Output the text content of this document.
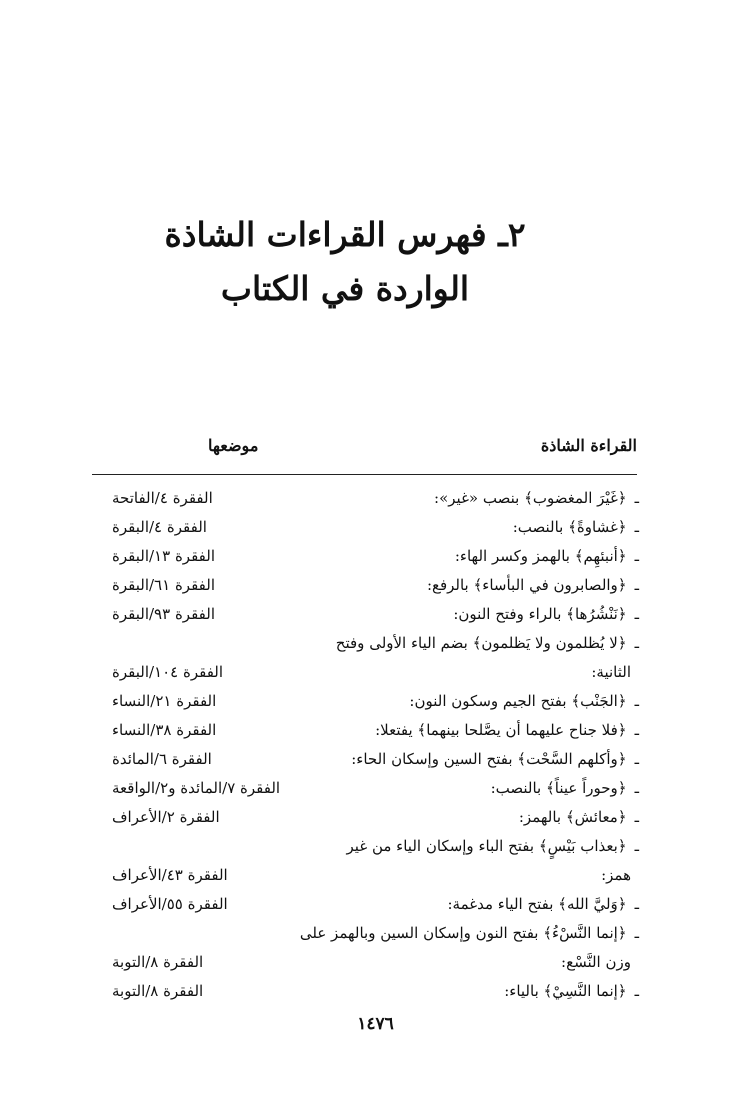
٢ـ فهرس القراءات الشاذة
الواردة في الكتاب
القراءة الشاذة
موضعها
ـ﴿غَيْرَ المغضوب﴾ بنصب «غير»:
الفقرة ٤/الفاتحة
ـ﴿غشاوةً﴾ بالنصب:
الفقرة ٤/البقرة
ـ﴿أنبئهِم﴾ بالهمز وكسر الهاء:
الفقرة ١٣/البقرة
ـ﴿والصابرون في البأساء﴾ بالرفع:
الفقرة ٦١/البقرة
ـ﴿نَنْشُرُها﴾ بالراء وفتح النون:
الفقرة ٩٣/البقرة
ـ﴿لا يُظلمون ولا يَظلمون﴾ بضم الياء الأولى وفتح
الثانية:
الفقرة ١٠٤/البقرة
ـ﴿الجَنْب﴾ بفتح الجيم وسكون النون:
الفقرة ٢١/النساء
ـ﴿فلا جناح عليهما أن يصَّلحا بينهما﴾ يفتعلا:
الفقرة ٣٨/النساء
ـ﴿وأكلهم السَّحْت﴾ بفتح السين وإسكان الحاء:
الفقرة ٦/المائدة
ـ﴿وحوراً عيناً﴾ بالنصب:
الفقرة ٧/المائدة و٢/الواقعة
ـ﴿معائش﴾ بالهمز:
الفقرة ٢/الأعراف
ـ﴿بعذاب بَيْسٍ﴾ بفتح الباء وإسكان الياء من غير
همز:
الفقرة ٤٣/الأعراف
ـ﴿وَليَّ الله﴾ بفتح الياء مدغمة:
الفقرة ٥٥/الأعراف
ـ﴿إنما النَّسْءُ﴾ بفتح النون وإسكان السين وبالهمز على
وزن النَّسْع:
الفقرة ٨/التوبة
ـ﴿إنما النَّسِيْ﴾ بالياء:
الفقرة ٨/التوبة
١٤٧٦
